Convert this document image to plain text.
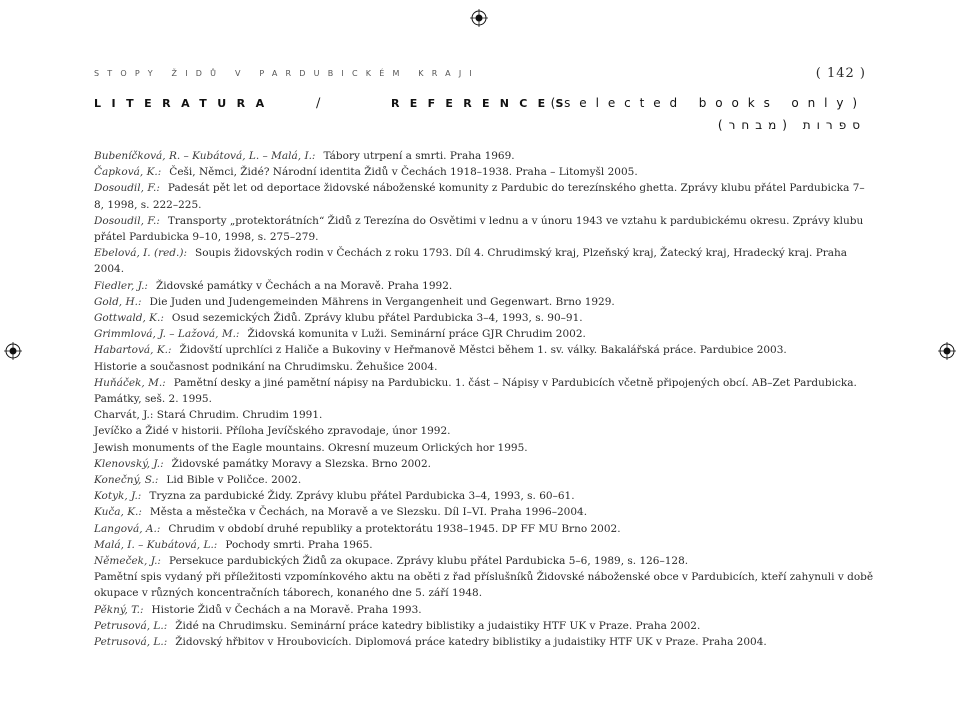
STOPY ŽIDŮ V PARDUBICKÉM KRAJI	( 142 )
LITERATURA	/	REFERENCES
(selected books only)
(ספרות (מבחר

Bubeníčková, R. – Kubátová, L. – Malá, I.: Tábory utrpení a smrti. Praha 1969.

Čapková, K.: Češi, Němci, Židé? Národní identita Židů v Čechách 1918–1938. Praha – Litomyšl 2005.

Dosoudil, F.: Padesát pět let od deportace židovské náboženské komunity z Pardubic do terezínského ghetta. Zprávy klubu přátel Pardubicka 7–8, 1998, s. 222–225.

Dosoudil, F.: Transporty „protektorátních“ Židů z Terezína do Osvětimi v lednu a v únoru 1943 ve vztahu k pardubickému okresu. Zprávy klubu přátel Pardubicka 9–10, 1998, s. 275–279.

Ebelová, I. (red.): Soupis židovských rodin v Čechách z roku 1793. Díl 4. Chrudimský kraj, Plzeňský kraj, Žatecký kraj, Hradecký kraj. Praha 2004.

Fiedler, J.: Židovské památky v Čechách a na Moravě. Praha 1992.

Gold, H.: Die Juden und Judengemeinden Mährens in Vergangenheit und Gegenwart. Brno 1929.

Gottwald, K.: Osud sezemických Židů. Zprávy klubu přátel Pardubicka 3–4, 1993, s. 90–91.

Grimmlová, J. – Lažová, M.: Židovská komunita v Luži. Seminární práce GJR Chrudim 2002.

Habartová, K.: Židovští uprchlíci z Haliče a Bukoviny v Heřmanově Městci během 1. sv. války. Bakalářská práce. Pardubice 2003.

Historie a současnost podnikání na Chrudimsku. Žehušice 2004.

Huňáček, M.: Pamětní desky a jiné pamětní nápisy na Pardubicku. 1. část – Nápisy v Pardubicích včetně připojených obcí. AB–Zet Pardubicka. Památky, seš. 2. 1995.

Charvát, J.: Stará Chrudim. Chrudim 1991.

Jevíčko a Židé v historii. Příloha Jevíčského zpravodaje, únor 1992.

Jewish monuments of the Eagle mountains. Okresní muzeum Orlických hor 1995.

Klenovský, J.: Židovské památky Moravy a Slezska. Brno 2002.

Konečný, S.: Lid Bible v Poličce. 2002.

Kotyk, J.: Tryzna za pardubické Židy. Zprávy klubu přátel Pardubicka 3–4, 1993, s. 60–61.

Kuča, K.: Města a městečka v Čechách, na Moravě a ve Slezsku. Díl I–VI. Praha 1996–2004.

Langová, A.: Chrudim v období druhé republiky a protektorátu 1938–1945. DP FF MU Brno 2002.

Malá, I. – Kubátová, L.: Pochody smrti. Praha 1965.

Němeček, J.: Persekuce pardubických Židů za okupace. Zprávy klubu přátel Pardubicka 5–6, 1989, s. 126–128.

Pamětní spis vydaný při příležitosti vzpomínkového aktu na oběti z řad příslušníků Židovské náboženské obce v Pardubicích, kteří zahynuli v době okupace v různých koncentračních táborech, konaného dne 5. září 1948.

Pěkný, T.: Historie Židů v Čechách a na Moravě. Praha 1993.

Petrusová, L.: Židé na Chrudimsku. Seminární práce katedry biblistiky a judaistiky HTF UK v Praze. Praha 2002.

Petrusová, L.: Židovský hřbitov v Hroubovicích. Diplomová práce katedry biblistiky a judaistiky HTF UK v Praze. Praha 2004.
